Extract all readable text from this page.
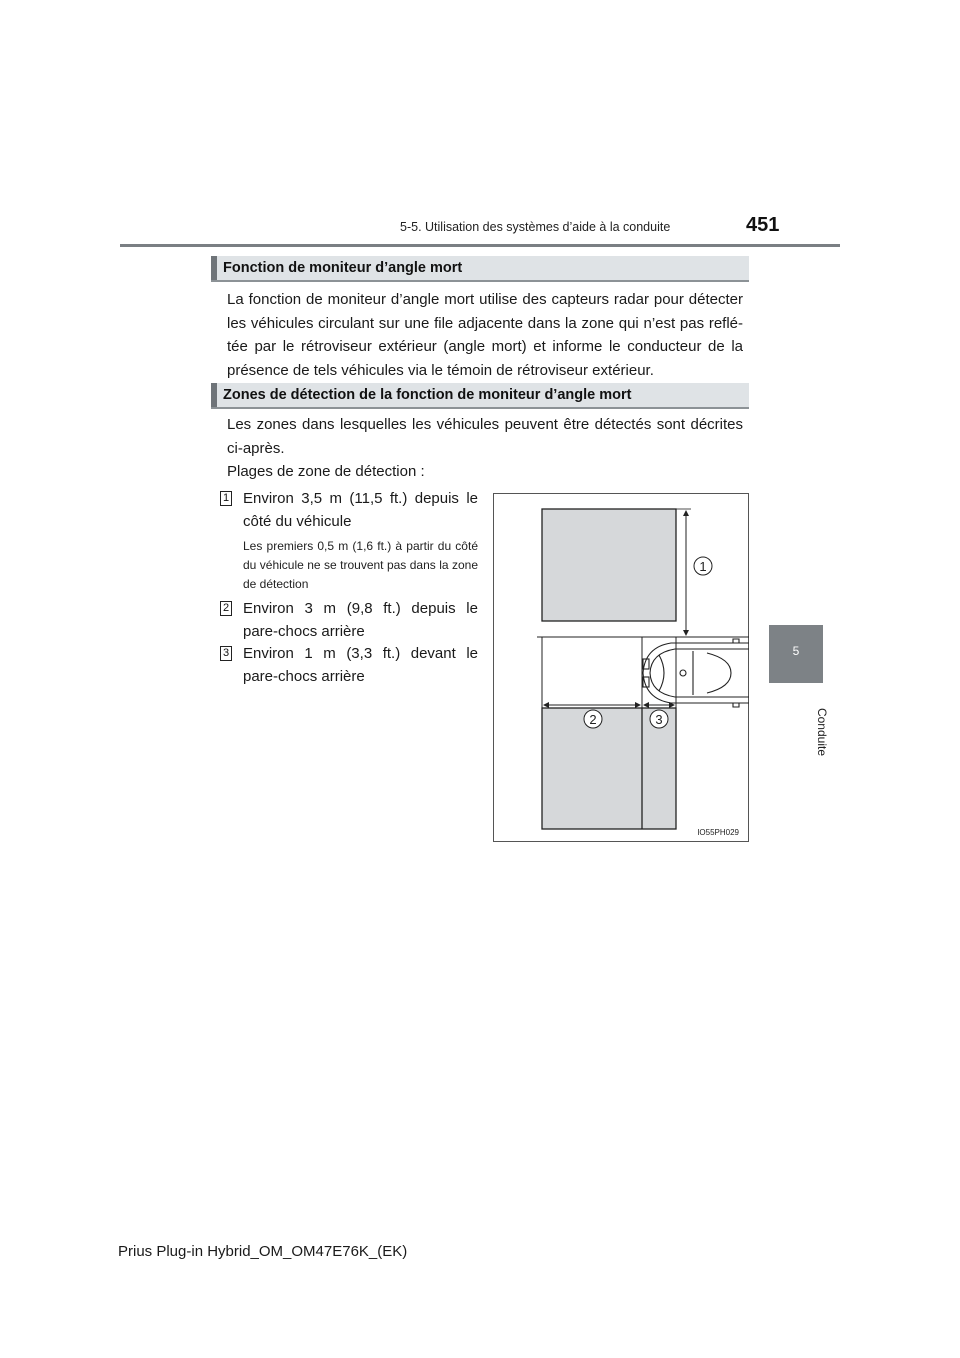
5-5. Utilisation des systèmes d’aide à la conduite	451
5
Conduite
Fonction de moniteur d’angle mort

La fonction de moniteur d’angle mort utilise des capteurs radar pour détecter les véhicules circulant sur une file adjacente dans la zone qui n’est pas reflé-tée par le rétroviseur extérieur (angle mort) et informe le conducteur de la présence de tels véhicules via le témoin de rétroviseur extérieur.

Zones de détection de la fonction de moniteur d’angle mort

Les zones dans lesquelles les véhicules peuvent être détectés sont décrites ci-après.

Plages de zone de détection :

1 Environ 3,5 m (11,5 ft.) depuis le côté du véhicule

Les premiers 0,5 m (1,6 ft.) à partir du côté du véhicule ne se trouvent pas dans la zone de détection

2 Environ 3 m (9,8 ft.) depuis le pare-chocs arrière

3 Environ 1 m (3,3 ft.) devant le pare-chocs arrière

1
2	3
IO55PH029
Prius Plug-in Hybrid_OM_OM47E76K_(EK)
